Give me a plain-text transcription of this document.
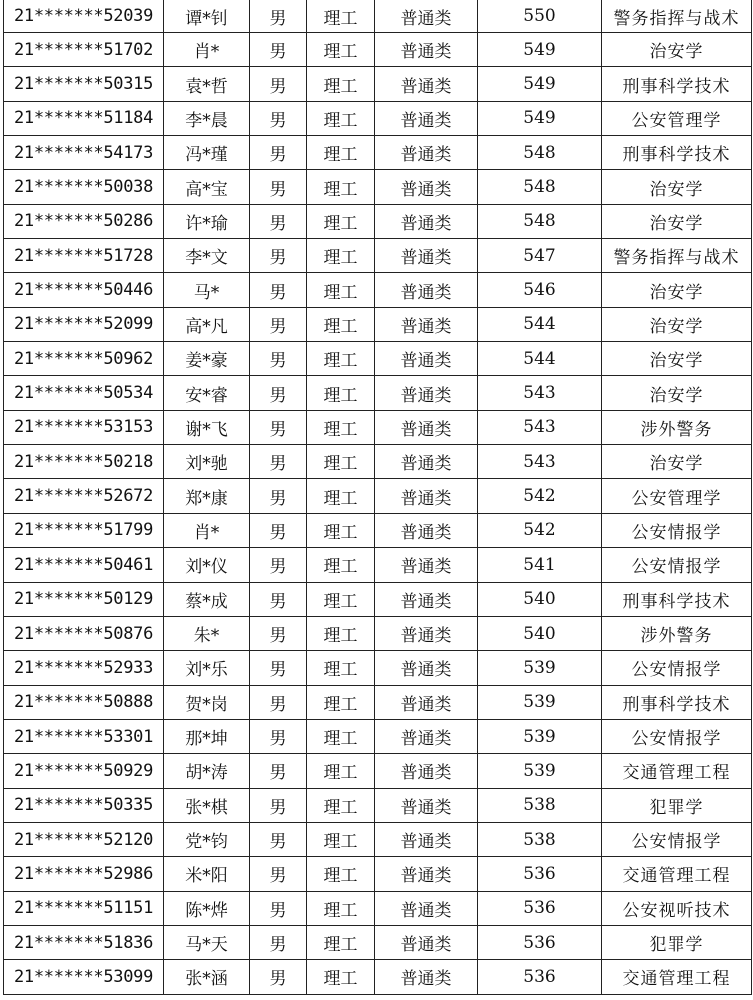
21*******52039	谭*钊	男	理工	普通类	550	警务指挥与战术
21*******51702	肖*	男	理工	普通类	549	治安学
21*******50315	袁*哲	男	理工	普通类	549	刑事科学技术
21*******51184	李*晨	男	理工	普通类	549	公安管理学
21*******54173	冯*瑾	男	理工	普通类	548	刑事科学技术
21*******50038	高*宝	男	理工	普通类	548	治安学
21*******50286	许*瑜	男	理工	普通类	548	治安学
21*******51728	李*文	男	理工	普通类	547	警务指挥与战术
21*******50446	马*	男	理工	普通类	546	治安学
21*******52099	高*凡	男	理工	普通类	544	治安学
21*******50962	姜*豪	男	理工	普通类	544	治安学
21*******50534	安*睿	男	理工	普通类	543	治安学
21*******53153	谢*飞	男	理工	普通类	543	涉外警务
21*******50218	刘*驰	男	理工	普通类	543	治安学
21*******52672	郑*康	男	理工	普通类	542	公安管理学
21*******51799	肖*	男	理工	普通类	542	公安情报学
21*******50461	刘*仪	男	理工	普通类	541	公安情报学
21*******50129	蔡*成	男	理工	普通类	540	刑事科学技术
21*******50876	朱*	男	理工	普通类	540	涉外警务
21*******52933	刘*乐	男	理工	普通类	539	公安情报学
21*******50888	贺*岗	男	理工	普通类	539	刑事科学技术
21*******53301	那*坤	男	理工	普通类	539	公安情报学
21*******50929	胡*涛	男	理工	普通类	539	交通管理工程
21*******50335	张*棋	男	理工	普通类	538	犯罪学
21*******52120	党*钧	男	理工	普通类	538	公安情报学
21*******52986	米*阳	男	理工	普通类	536	交通管理工程
21*******51151	陈*烨	男	理工	普通类	536	公安视听技术
21*******51836	马*天	男	理工	普通类	536	犯罪学
21*******53099	张*涵	男	理工	普通类	536	交通管理工程
